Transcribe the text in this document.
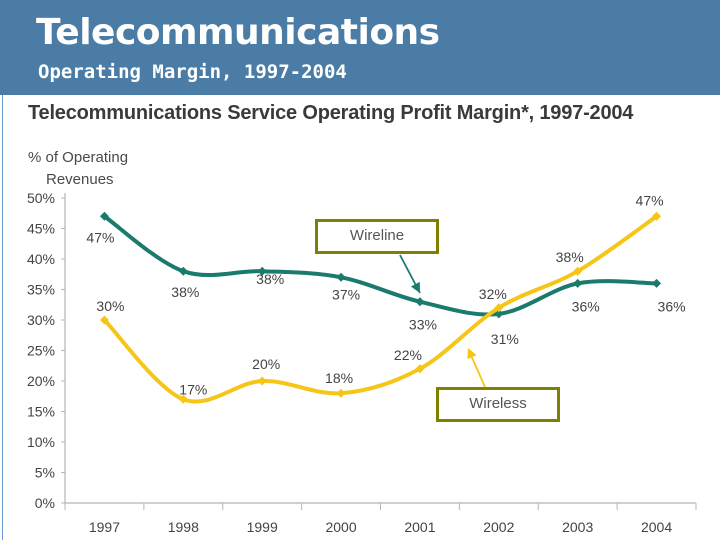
Telecommunications
Operating Margin, 1997-2004
0%
5%
10%
15%
20%
25%
30%
35%
40%
45%
50%
1997	1998	1999	2000	2001	2002	2003	2004
47%
38%
38%
37%
33%
31%
36%	36%
30%
17%
20%
18%
22%
32%
38%
47%
Telecommunications Service Operating Profit Margin*, 1997-2004
% of Operating
Revenues
Wireline
Wireless
